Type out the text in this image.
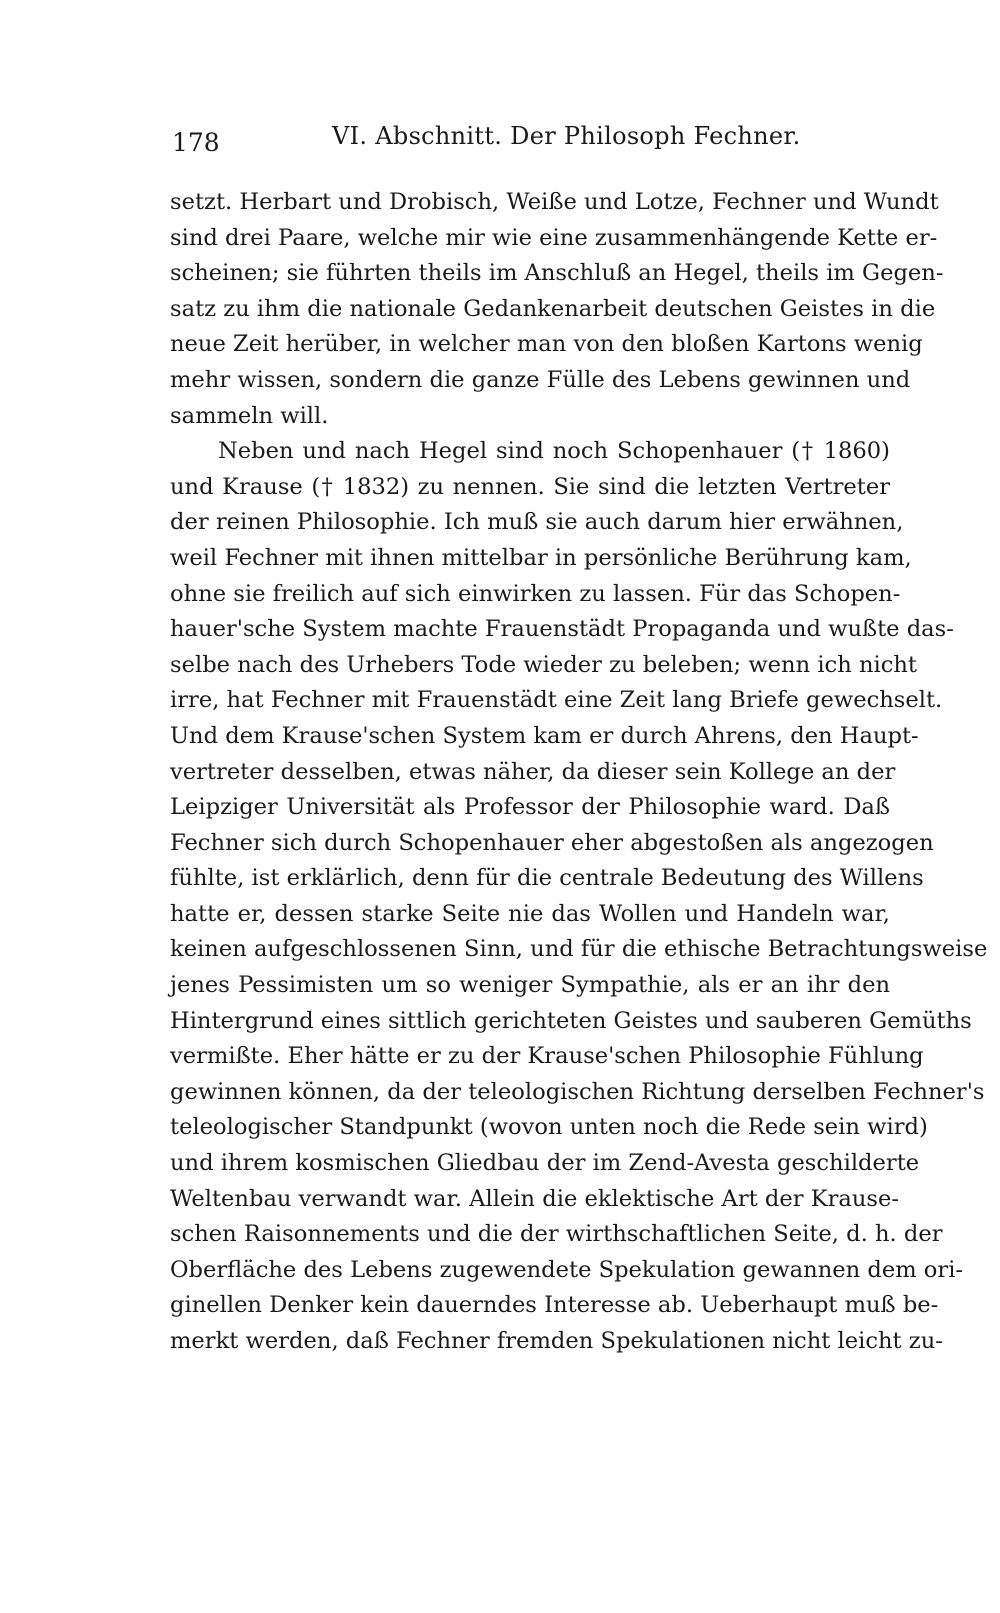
178	VI. Abschnitt. Der Philosoph Fechner.
setzt. Herbart und Drobisch, Weiße und Lotze, Fechner und Wundt
sind drei Paare, welche mir wie eine zusammenhängende Kette er-
scheinen; sie führten theils im Anschluß an Hegel, theils im Gegen-
satz zu ihm die nationale Gedankenarbeit deutschen Geistes in die
neue Zeit herüber, in welcher man von den bloßen Kartons wenig
mehr wissen, sondern die ganze Fülle des Lebens gewinnen und
sammeln will.
Neben und nach Hegel sind noch Schopenhauer († 1860)
und Krause († 1832) zu nennen. Sie sind die letzten Vertreter
der reinen Philosophie. Ich muß sie auch darum hier erwähnen,
weil Fechner mit ihnen mittelbar in persönliche Berührung kam,
ohne sie freilich auf sich einwirken zu lassen. Für das Schopen-
hauer'sche System machte Frauenstädt Propaganda und wußte das-
selbe nach des Urhebers Tode wieder zu beleben; wenn ich nicht
irre, hat Fechner mit Frauenstädt eine Zeit lang Briefe gewechselt.
Und dem Krause'schen System kam er durch Ahrens, den Haupt-
vertreter desselben, etwas näher, da dieser sein Kollege an der
Leipziger Universität als Professor der Philosophie ward. Daß
Fechner sich durch Schopenhauer eher abgestoßen als angezogen
fühlte, ist erklärlich, denn für die centrale Bedeutung des Willens
hatte er, dessen starke Seite nie das Wollen und Handeln war,
keinen aufgeschlossenen Sinn, und für die ethische Betrachtungsweise
jenes Pessimisten um so weniger Sympathie, als er an ihr den
Hintergrund eines sittlich gerichteten Geistes und sauberen Gemüths
vermißte. Eher hätte er zu der Krause'schen Philosophie Fühlung
gewinnen können, da der teleologischen Richtung derselben Fechner's
teleologischer Standpunkt (wovon unten noch die Rede sein wird)
und ihrem kosmischen Gliedbau der im Zend-Avesta geschilderte
Weltenbau verwandt war. Allein die eklektische Art der Krause-
schen Raisonnements und die der wirthschaftlichen Seite, d. h. der
Oberfläche des Lebens zugewendete Spekulation gewannen dem ori-
ginellen Denker kein dauerndes Interesse ab. Ueberhaupt muß be-
merkt werden, daß Fechner fremden Spekulationen nicht leicht zu-
